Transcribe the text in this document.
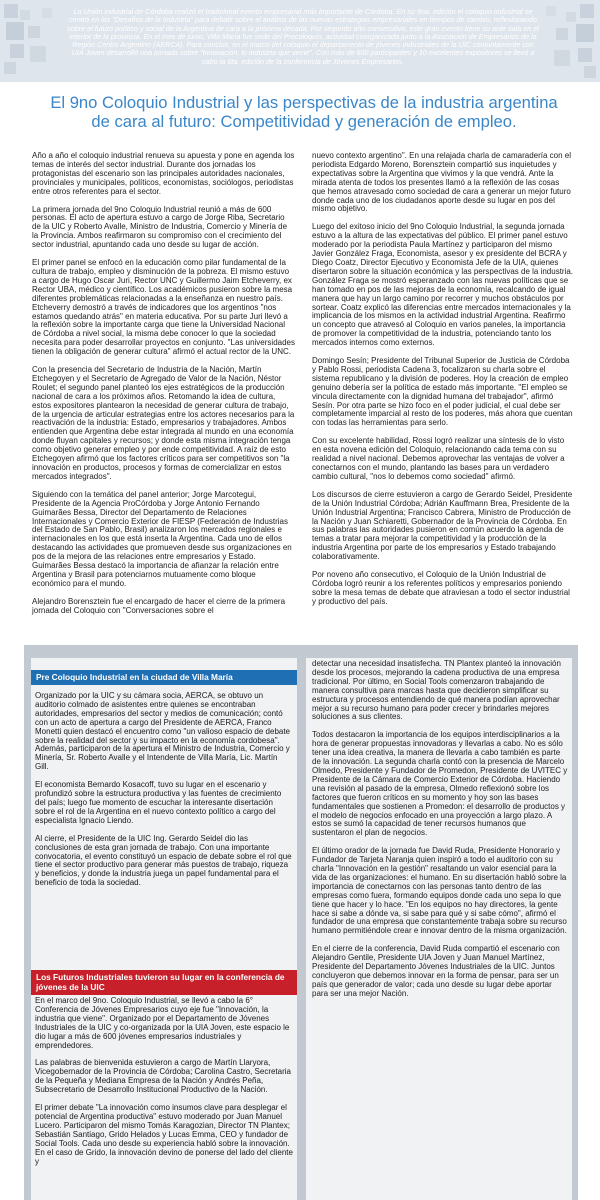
La Unión industrial de Córdoba realizó el tradicional evento empresarial más importante de Córdoba. En su 9na. edición el coloquio industrial se centró en las "Desafíos de la Industria" para debatir sobre el análisis de las nuevas estrategias empresariales en tiempos de cambio, reflexionando sobre el futuro político y social de la Argentina de cara a la próxima década. Por segundo año consecutivo, este gran evento tiene su ante sala en el interior de la provincia. En el mes de junio, Villa María fue sede del Precoloquio, actividad coorganizada junto a la Asociación de Empresarios de la Región Centro Argentino (AERCA). Para concluir, en el marco del coloquio el departamento de jóvenes industriales de la UIC conjuntamente con UIA Joven desarrolló una jornada sobre "Innovación, lo industria que viene". Con más de 600 participantes y 10 excelentes expositores se llevó a cabo la 6ta. edición de la conferencia de Jóvenes Empresarios.

El 9no Coloquio Industrial y las perspectivas de la industria argentina de cara al futuro: Competitividad y generación de empleo.

Año a año el coloquio industrial renueva su apuesta y pone en agenda los temas de interés del sector industrial. Durante dos jornadas los protagonistas del escenario son las principales autoridades nacionales, provinciales y municipales, políticos, economistas, sociólogos, periodistas entre otros referentes para el sector.

La primera jornada del 9no Coloquio Industrial reunió a más de 600 personas. El acto de apertura estuvo a cargo de Jorge Riba, Secretario de la UIC y Roberto Avalle, Ministro de Industria, Comercio y Minería de la Provincia. Ambos reafirmaron su compromiso con el crecimiento del sector industrial, apuntando cada uno desde su lugar de acción.

El primer panel se enfocó en la educación como pilar fundamental de la cultura de trabajo, empleo y disminución de la pobreza. El mismo estuvo a cargo de Hugo Oscar Juri, Rector UNC y Guillermo Jaim Etcheverry, ex Rector UBA, médico y científico. Los académicos pusieron sobre la mesa diferentes problemáticas relacionadas a la enseñanza en nuestro país. Etcheverry demostró a través de indicadores que los argentinos "nos estamos quedando atrás" en materia educativa. Por su parte Juri llevó a la reflexión sobre la importante carga que tiene la Universidad Nacional de Córdoba a nivel social, la misma debe conocer lo que la sociedad necesita para poder desarrollar proyectos en conjunto. "Las universidades tienen la obligación de generar cultura" afirmó el actual rector de la UNC.

Con la presencia del Secretario de Industria de la Nación, Martín Etchegoyen y el Secretario de Agregado de Valor de la Nación, Néstor Roulet; el segundo panel planteó los ejes estratégicos de la producción nacional de cara a los próximos años. Retomando la idea de cultura, estos expositores plantearon la necesidad de generar cultura de trabajo, de la urgencia de articular estrategias entre los actores necesarios para la reactivación de la industria: Estado, empresarios y trabajadores. Ambos entienden que Argentina debe estar integrada al mundo en una economía donde fluyan capitales y recursos; y donde esta misma integración tenga como objetivo generar empleo y por ende competitividad. A raíz de esto Etchegoyen afirmó que los factores críticos para ser competitivos son "la innovación en productos, procesos y formas de comercializar en estos mercados integrados".

Siguiendo con la temática del panel anterior; Jorge Marcotegui, Presidente de la Agencia ProCórdoba y Jorge Antonio Fernando Guimarães Bessa, Director del Departamento de Relaciones Internacionales y Comercio Exterior de FIESP (Federación de Industrias del Estado de San Pablo, Brasil) analizaron los mercados regionales e internacionales en los que está inserta la Argentina. Cada uno de ellos destacando las actividades que promueven desde sus organizaciones en pos de la mejora de las relaciones entre empresarios y Estado. Guimarães Bessa destacó la importancia de afianzar la relación entre Argentina y Brasil para potenciarnos mutuamente como bloque económico para el mundo.

Alejandro Borensztein fue el encargado de hacer el cierre de la primera jornada del Coloquio con "Conversaciones sobre el

nuevo contexto argentino". En una relajada charla de camaradería con el periodista Edgardo Moreno, Borensztein compartió sus inquietudes y expectativas sobre la Argentina que vivimos y la que vendrá. Ante la mirada atenta de todos los presentes llamó a la reflexión de las cosas que hemos atravesado como sociedad de cara a generar un mejor futuro donde cada uno de los ciudadanos aporte desde su lugar en pos del mismo objetivo.

Luego del exitoso inicio del 9no Coloquio Industrial, la segunda jornada estuvo a la altura de las expectativas del público. El primer panel estuvo moderado por la periodista Paula Martínez y participaron del mismo Javier González Fraga, Economista, asesor y ex presidente del BCRA y Diego Coatz, Director Ejecutivo y Economista Jefe de la UIA, quienes disertaron sobre la situación económica y las perspectivas de la industria. González Fraga se mostró esperanzado con las nuevas políticas que se han tomado en pos de las mejoras de la economía, recalcando de igual manera que hay un largo camino por recorrer y muchos obstáculos por sortear. Coatz explicó las diferencias entre mercados internacionales y la implicancia de los mismos en la actividad industrial Argentina. Reafirmo un concepto que atravesó al Coloquio en varios paneles, la importancia de promover la competitividad de la industria, potenciando tanto los mercados internos como externos.

Domingo Sesín; Presidente del Tribunal Superior de Justicia de Córdoba y Pablo Rossi, periodista Cadena 3, focalizaron su charla sobre el sistema republicano y la división de poderes. Hoy la creación de empleo genuino debería ser la política de estado más importante. "El empleo se vincula directamente con la dignidad humana del trabajador", afirmó Sesín. Por otra parte se hizo foco en el poder judicial, el cual debe ser completamente imparcial al resto de los poderes, más ahora que cuentan con todas las herramientas para serlo.

Con su excelente habilidad, Rossi logró realizar una síntesis de lo visto en esta novena edición del Coloquio, relacionando cada tema con su realidad a nivel nacional. Debemos aprovechar las ventajas de volver a conectarnos con el mundo, plantando las bases para un verdadero cambio cultural, "nos lo debemos como sociedad" afirmó.

Los discursos de cierre estuvieron a cargo de Gerardo Seidel, Presidente de la Unión Industrial Córdoba; Adrián Kauffmann Brea, Presidente de la Unión Industrial Argentina; Francisco Cabrera, Ministro de Producción de la Nación y Juan Schiaretti, Gobernador de la Provincia de Córdoba. En sus palabras las autoridades pusieron en común acuerdo la agenda de temas a tratar para mejorar la competitividad y la producción de la industria Argentina por parte de los empresarios y Estado trabajando colaborativamente.

Por noveno año consecutivo, el Coloquio de la Unión Industrial de Córdoba logró reunir a los referentes políticos y empresarios poniendo sobre la mesa temas de debate que atraviesan a todo el sector industrial y productivo del país.

Pre Coloquio Industrial en la ciudad de Villa María

Organizado por la UIC y su cámara socia, AERCA, se obtuvo un auditorio colmado de asistentes entre quienes se encontraban autoridades, empresarios del sector y medios de comunicación; contó con un acto de apertura a cargo del Presidente de AERCA, Franco Monetti quien destacó el encuentro como "un valioso espacio de debate sobre la realidad del sector y su impacto en la economía cordobesa". Además, participaron de la apertura el Ministro de Industria, Comercio y Minería, Sr. Roberto Avalle y el Intendente de Villa María, Lic. Martín Gill.

El economista Bernardo Kosacoff, tuvo su lugar en el escenario y profundizó sobre la estructura productiva y las fuentes de crecimiento del país; luego fue momento de escuchar la interesante disertación sobre el rol de la Argentina en el nuevo contexto político a cargo del especialista Ignacio Liendo.

Al cierre, el Presidente de la UIC Ing. Gerardo Seidel dio las conclusiones de esta gran jornada de trabajo. Con una importante convocatoria, el evento constituyó un espacio de debate sobre el rol que tiene el sector productivo para generar más puestos de trabajo, riqueza y beneficios, y donde la industria juega un papel fundamental para el beneficio de toda la sociedad.

Los Futuros Industriales tuvieron su lugar en la conferencia de jóvenes de la UIC

En el marco del 9no. Coloquio Industrial, se llevó a cabo la 6° Conferencia de Jóvenes Empresarios cuyo eje fue "Innovación, la industria que viene". Organizado por el Departamento de Jóvenes Industriales de la UIC y co-organizada por la UIA Joven, este espacio le dio lugar a más de 600 jóvenes empresarios industriales y emprendedores.

Las palabras de bienvenida estuvieron a cargo de Martín Llaryora, Vicegobernador de la Provincia de Córdoba; Carolina Castro, Secretaria de la Pequeña y Mediana Empresa de la Nación y Andrés Peña, Subsecretario de Desarrollo Institucional Productivo de la Nación.

El primer debate "La innovación como insumos clave para desplegar el potencial de Argentina productiva" estuvo moderado por Juan Manuel Lucero. Participaron del mismo Tomás Karagozian, Director TN Plantex; Sebastián Santiago, Grido Helados y Lucas Emma, CEO y fundador de Social Tools. Cada uno desde su experiencia habló sobre la innovación. En el caso de Grido, la innovación devino de ponerse del lado del cliente y

detectar una necesidad insatisfecha. TN Plantex planteó la innovación desde los procesos, mejorando la cadena productiva de una empresa tradicional. Por último, en Social Tools comenzaron trabajando de manera consultiva para marcas hasta que decidieron simplificar su estructura y procesos entendiendo de qué manera podían aprovechar mejor a su recurso humano para poder crecer y brindarles mejores soluciones a sus clientes.

Todos destacaron la importancia de los equipos interdisciplinarios a la hora de generar propuestas innovadoras y llevarlas a cabo. No es sólo tener una idea creativa, la manera de llevarla a cabo también es parte de la innovación. La segunda charla contó con la presencia de Marcelo Olmedo, Presidente y Fundador de Promedon, Presidente de UVITEC y Presidente de la Cámara de Comercio Exterior de Córdoba. Haciendo una revisión al pasado de la empresa, Olmedo reflexionó sobre los factores que fueron críticos en su momento y hoy son las bases fundamentales que sostienen a Promedon: el desarrollo de productos y el modelo de negocios enfocado en una proyección a largo plazo. A estos se sumó la capacidad de tener recursos humanos que sustentaron el plan de negocios.

El último orador de la jornada fue David Ruda, Presidente Honorario y Fundador de Tarjeta Naranja quien inspiró a todo el auditorio con su charla "Innovación en la gestión" resaltando un valor esencial para la vida de las organizaciones: el humano. En su disertación habló sobre la importancia de conectarnos con las personas tanto dentro de las empresas como fuera, formando equipos donde cada uno sepa lo que tiene que hacer y lo hace. "En los equipos no hay directores, la gente hace si sabe a dónde va, si sabe para qué y si sabe cómo", afirmó el fundador de una empresa que constantemente trabaja sobre su recurso humano permitiéndole crear e innovar dentro de la misma organización.

En el cierre de la conferencia, David Ruda compartió el escenario con Alejandro Gentile, Presidente UIA Joven y Juan Manuel Martínez, Presidente del Departamento Jóvenes Industriales de la UIC. Juntos concluyeron que debemos innovar en la forma de pensar, para ser un país que generador de valor; cada uno desde su lugar debe aportar para ser una mejor Nación.
